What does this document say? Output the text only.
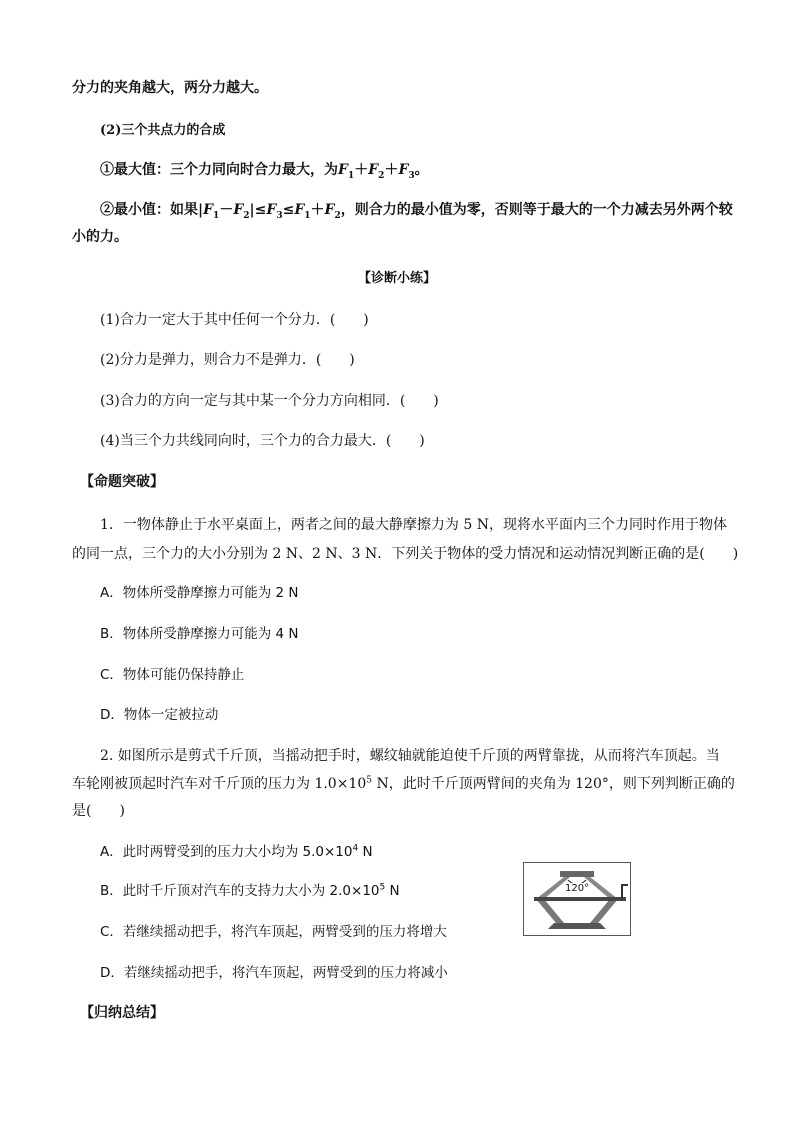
分力的夹角越大，两分力越大。
(2)三个共点力的合成
①最大值：三个力同向时合力最大，为$F_1+F_2+F_3$。
②最小值：如果$|F_1-F_2|\le F_3\le F_1+F_2$，则合力的最小值为零，否则等于最大的一个力减去另外两个较
小的力。
【诊断小练】
(1)合力一定大于其中任何一个分力．(　　)
(2)分力是弹力，则合力不是弹力．(　　)
(3)合力的方向一定与其中某一个分力方向相同．(　　)
(4)当三个力共线同向时，三个力的合力最大．(　　)
【命题突破】
1．一物体静止于水平桌面上，两者之间的最大静摩擦力为 5 N，现将水平面内三个力同时作用于物体
的同一点，三个力的大小分别为 2 N、2 N、3 N．下列关于物体的受力情况和运动情况判断正确的是(　　)
A．物体所受静摩擦力可能为 2 N
B．物体所受静摩擦力可能为 4 N
C．物体可能仍保持静止
D．物体一定被拉动
2. 如图所示是剪式千斤顶，当摇动把手时，螺纹轴就能迫使千斤顶的两臂靠拢，从而将汽车顶起。当
车轮刚被顶起时汽车对千斤顶的压力为 $1.0\times 10^5$ N，此时千斤顶两臂间的夹角为 120°，则下列判断正确的
是(　　)
A．此时两臂受到的压力大小均为 $5.0\times 10^4$ N
B．此时千斤顶对汽车的支持力大小为 $2.0\times 10^5$ N
C．若继续摇动把手，将汽车顶起，两臂受到的压力将增大
D．若继续摇动把手，将汽车顶起，两臂受到的压力将减小
120°
【归纳总结】
